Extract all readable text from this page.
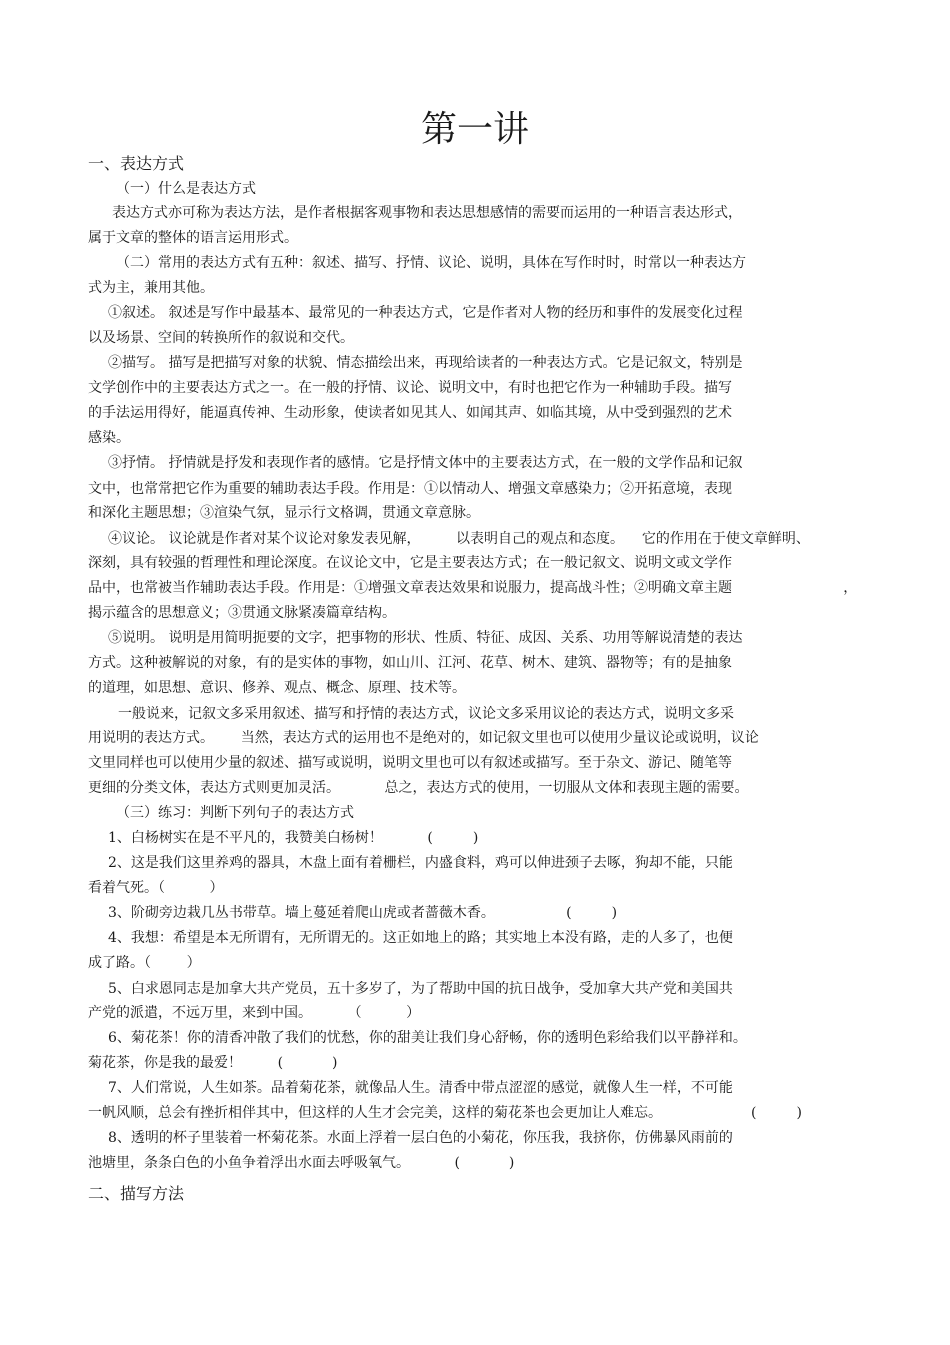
第一讲
一、表达方式
（一）什么是表达方式
表达方式亦可称为表达方法，是作者根据客观事物和表达思想感情的需要而运用的一种语言表达形式，
属于文章的整体的语言运用形式。
（二）常用的表达方式有五种：叙述、描写、抒情、议论、说明，具体在写作时时，时常以一种表达方
式为主，兼用其他。
①叙述。 叙述是写作中最基本、最常见的一种表达方式，它是作者对人物的经历和事件的发展变化过程
以及场景、空间的转换所作的叙说和交代。
②描写。 描写是把描写对象的状貌、情态描绘出来，再现给读者的一种表达方式。它是记叙文，特别是
文学创作中的主要表达方式之一。在一般的抒情、议论、说明文中，有时也把它作为一种辅助手段。描写
的手法运用得好，能逼真传神、生动形象，使读者如见其人、如闻其声、如临其境，从中受到强烈的艺术
感染。
③抒情。 抒情就是抒发和表现作者的感情。它是抒情文体中的主要表达方式，在一般的文学作品和记叙
文中，也常常把它作为重要的辅助表达手段。作用是：①以情动人、增强文章感染力；②开拓意境，表现
和深化主题思想；③渲染气氛，显示行文格调，贯通文章意脉。
④议论。 议论就是作者对某个议论对象发表见解，        以表明自己的观点和态度。    它的作用在于使文章鲜明、
深刻，具有较强的哲理性和理论深度。在议论文中，它是主要表达方式；在一般记叙文、说明文或文学作
品中，也常被当作辅助表达手段。作用是：①增强文章表达效果和说服力，提高战斗性；②明确文章主题                         ，
揭示蕴含的思想意义；③贯通文脉紧凑篇章结构。
⑤说明。 说明是用简明扼要的文字，把事物的形状、性质、特征、成因、关系、功用等解说清楚的表达
方式。这种被解说的对象，有的是实体的事物，如山川、江河、花草、树木、建筑、器物等；有的是抽象
的道理，如思想、意识、修养、观点、概念、原理、技术等。
一般说来，记叙文多采用叙述、描写和抒情的表达方式，议论文多采用议论的表达方式，说明文多采
用说明的表达方式。      当然，表达方式的运用也不是绝对的，如记叙文里也可以使用少量议论或说明，议论
文里同样也可以使用少量的叙述、描写或说明，说明文里也可以有叙述或描写。至于杂文、游记、随笔等
更细的分类文体，表达方式则更加灵活。          总之，表达方式的使用，一切服从文体和表现主题的需要。
（三）练习：判断下列句子的表达方式
1、白杨树实在是不平凡的，我赞美白杨树！          (         )
2、这是我们这里养鸡的器具，木盘上面有着栅栏，内盛食料，鸡可以伸进颈子去啄，狗却不能，只能
看着气死。（          ）
3、阶砌旁边栽几丛书带草。墙上蔓延着爬山虎或者蔷薇木香。                (         )
4、我想：希望是本无所谓有，无所谓无的。这正如地上的路；其实地上本没有路，走的人多了，也便
成了路。（        ）
5、白求恩同志是加拿大共产党员，五十多岁了，为了帮助中国的抗日战争，受加拿大共产党和美国共
产党的派遣，不远万里，来到中国。        （          ）
6、菊花茶！你的清香冲散了我们的忧愁，你的甜美让我们身心舒畅，你的透明色彩给我们以平静祥和。
菊花茶，你是我的最爱！        (           )
7、人们常说，人生如茶。品着菊花茶，就像品人生。清香中带点涩涩的感觉，就像人生一样，不可能
一帆风顺，总会有挫折相伴其中，但这样的人生才会完美，这样的菊花茶也会更加让人难忘。                    (         )
8、透明的杯子里装着一杯菊花茶。水面上浮着一层白色的小菊花，你压我，我挤你，仿佛暴风雨前的
池塘里，条条白色的小鱼争着浮出水面去呼吸氧气。          (           )
二、描写方法
